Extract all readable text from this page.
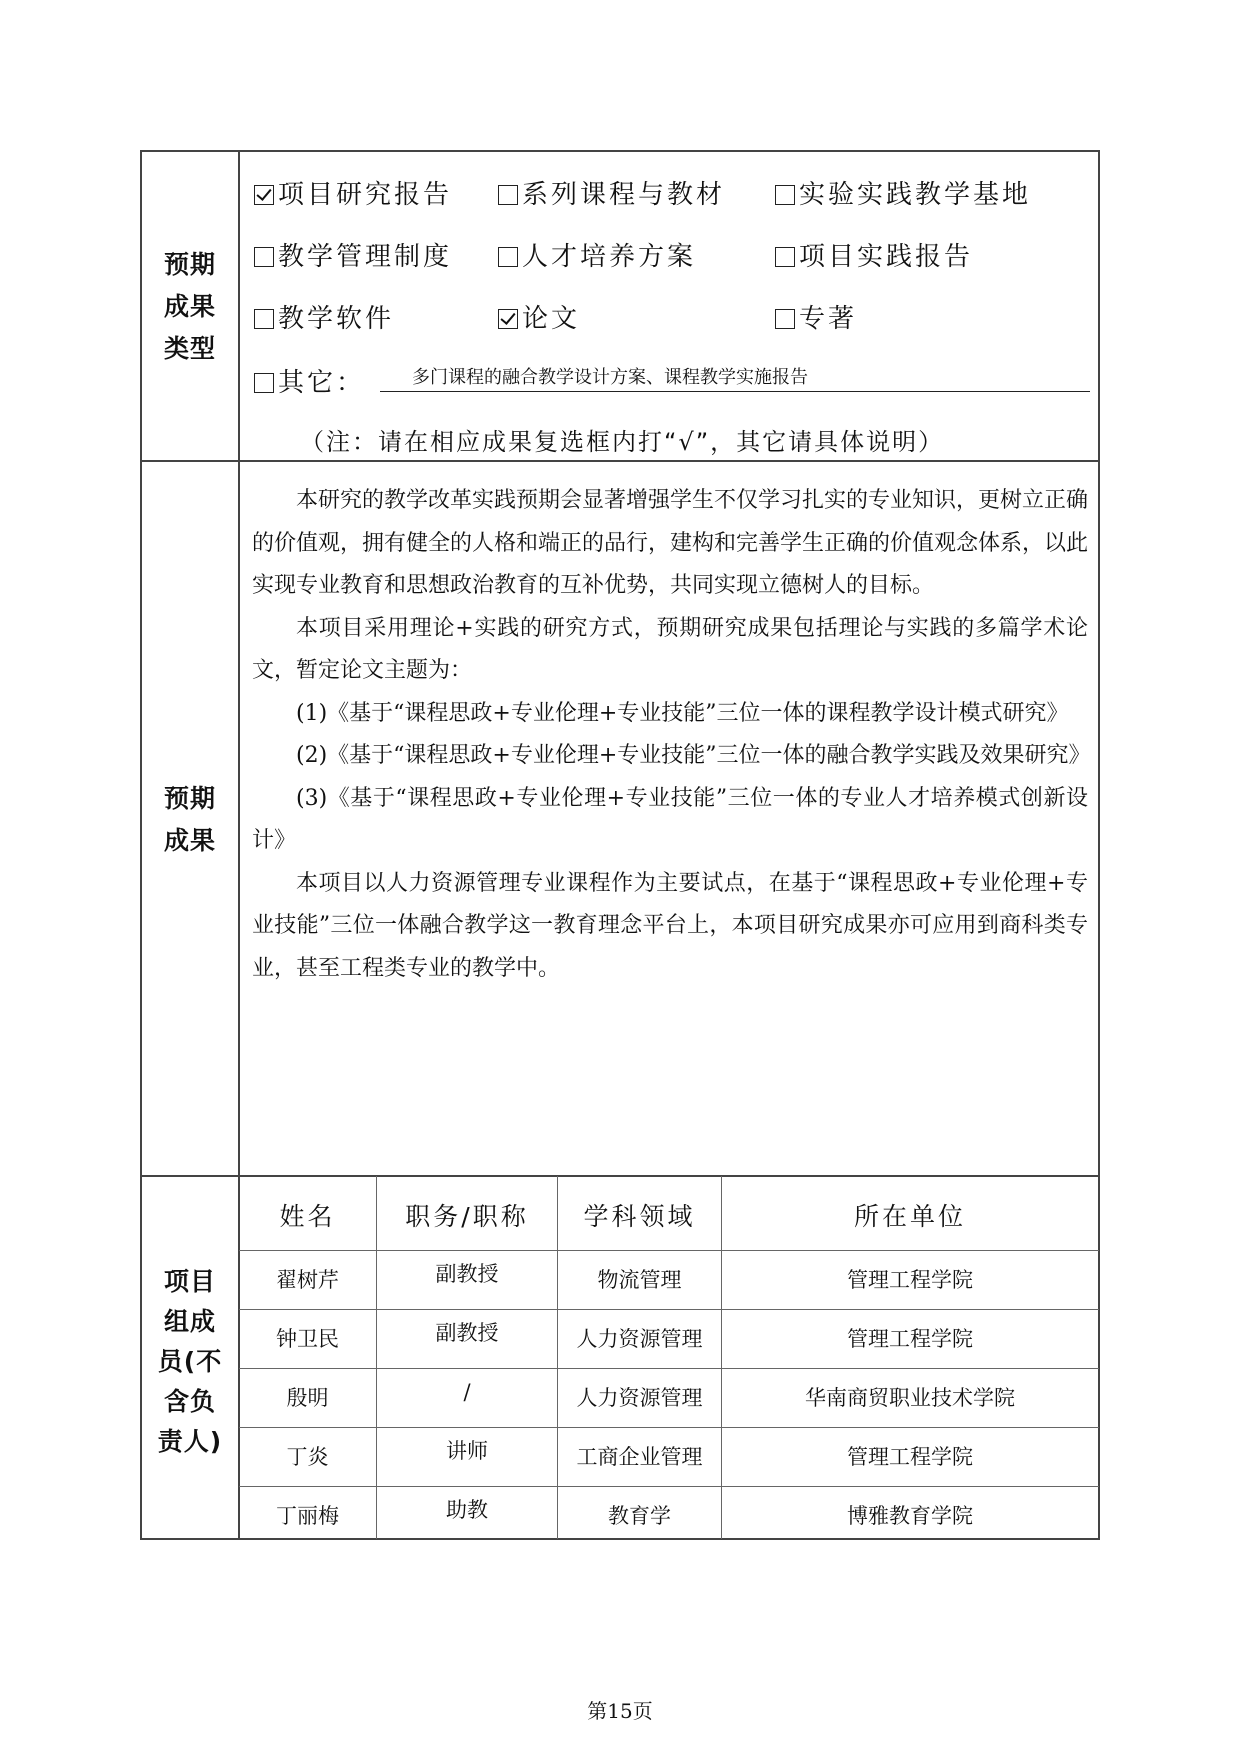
预期
成果
类型
项目研究报告	系列课程与教材	实验实践教学基地
教学管理制度	人才培养方案	项目实践报告
教学软件	论文	专著
其它：	多门课程的融合教学设计方案、课程教学实施报告
（注：请在相应成果复选框内打“√”，其它请具体说明）
预期
成果

本研究的教学改革实践预期会显著增强学生不仅学习扎实的专业知识，更树立正确的价值观，拥有健全的人格和端正的品行，建构和完善学生正确的价值观念体系，以此实现专业教育和思想政治教育的互补优势，共同实现立德树人的目标。

本项目采用理论+实践的研究方式，预期研究成果包括理论与实践的多篇学术论文，暂定论文主题为：

(1)《基于“课程思政+专业伦理+专业技能”三位一体的课程教学设计模式研究》

(2)《基于“课程思政+专业伦理+专业技能”三位一体的融合教学实践及效果研究》

(3)《基于“课程思政+专业伦理+专业技能”三位一体的专业人才培养模式创新设计》

本项目以人力资源管理专业课程作为主要试点，在基于“课程思政+专业伦理+专业技能”三位一体融合教学这一教育理念平台上，本项目研究成果亦可应用到商科类专业，甚至工程类专业的教学中。

项目
组成
员(不
含负
责人)
姓名	职务/职称	学科领域	所在单位
翟树芹	副教授	物流管理	管理工程学院
钟卫民	副教授	人力资源管理	管理工程学院
殷明	/	人力资源管理	华南商贸职业技术学院
丁炎	讲师	工商企业管理	管理工程学院
丁丽梅	助教	教育学	博雅教育学院
第15页
